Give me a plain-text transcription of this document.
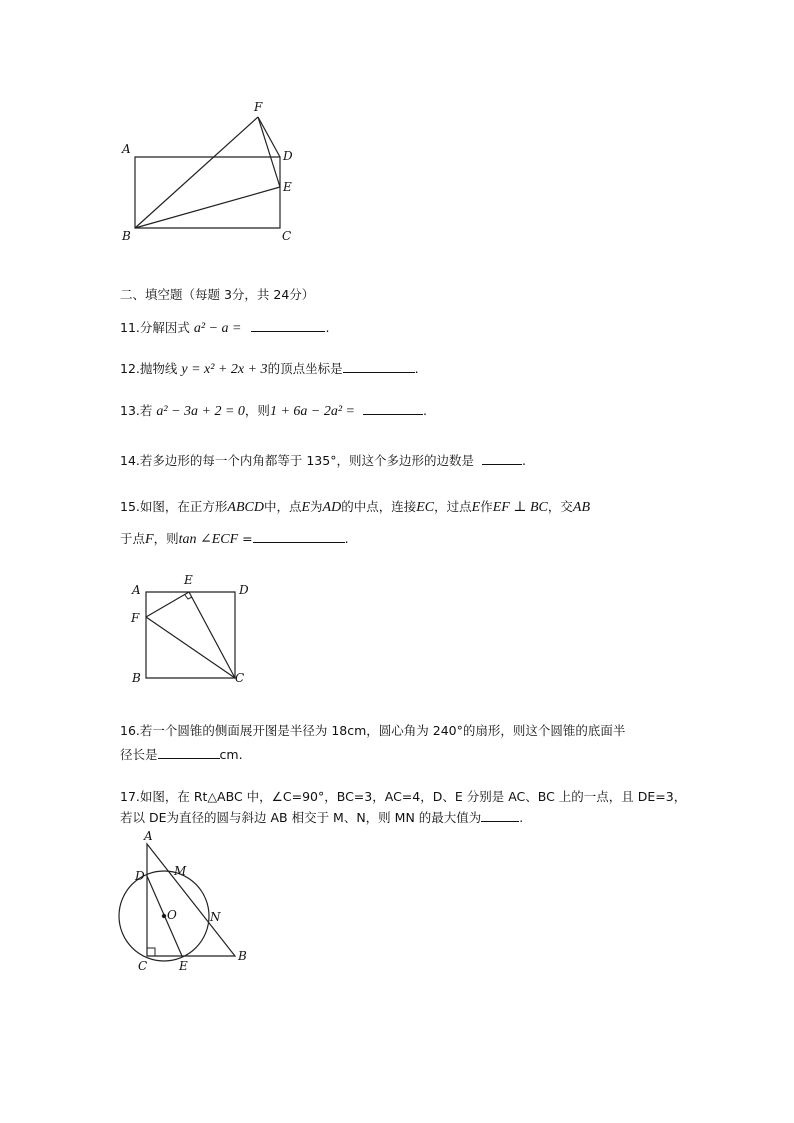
A
B	C
D
E
F
二、填空题（每题 3分，共 24分）
11.分解因式 a² − a =	.
12.抛物线 y = x² + 2x + 3的顶点坐标是	.
13.若 a² − 3a + 2 = 0，则1 + 6a − 2a² =	.
14.若多边形的每一个内角都等于 135°，则这个多边形的边数是	.
15.如图，在正方形ABCD中，点E为AD的中点，连接EC，过点E作EF ⊥ BC，交AB
于点F，则tan ∠ECF =	.
A
E
D
F
B	C
16.若一个圆锥的侧面展开图是半径为 18cm，圆心角为 240°的扇形，则这个圆锥的底面半
径长是	cm.
17.如图，在 Rt△ABC 中，∠C=90°，BC=3，AC=4，D、E 分别是 AC、BC 上的一点，且 DE=3，
若以 DE为直径的圆与斜边 AB 相交于 M、N，则 MN 的最大值为	.
A
D M
O	N
C	E
B
